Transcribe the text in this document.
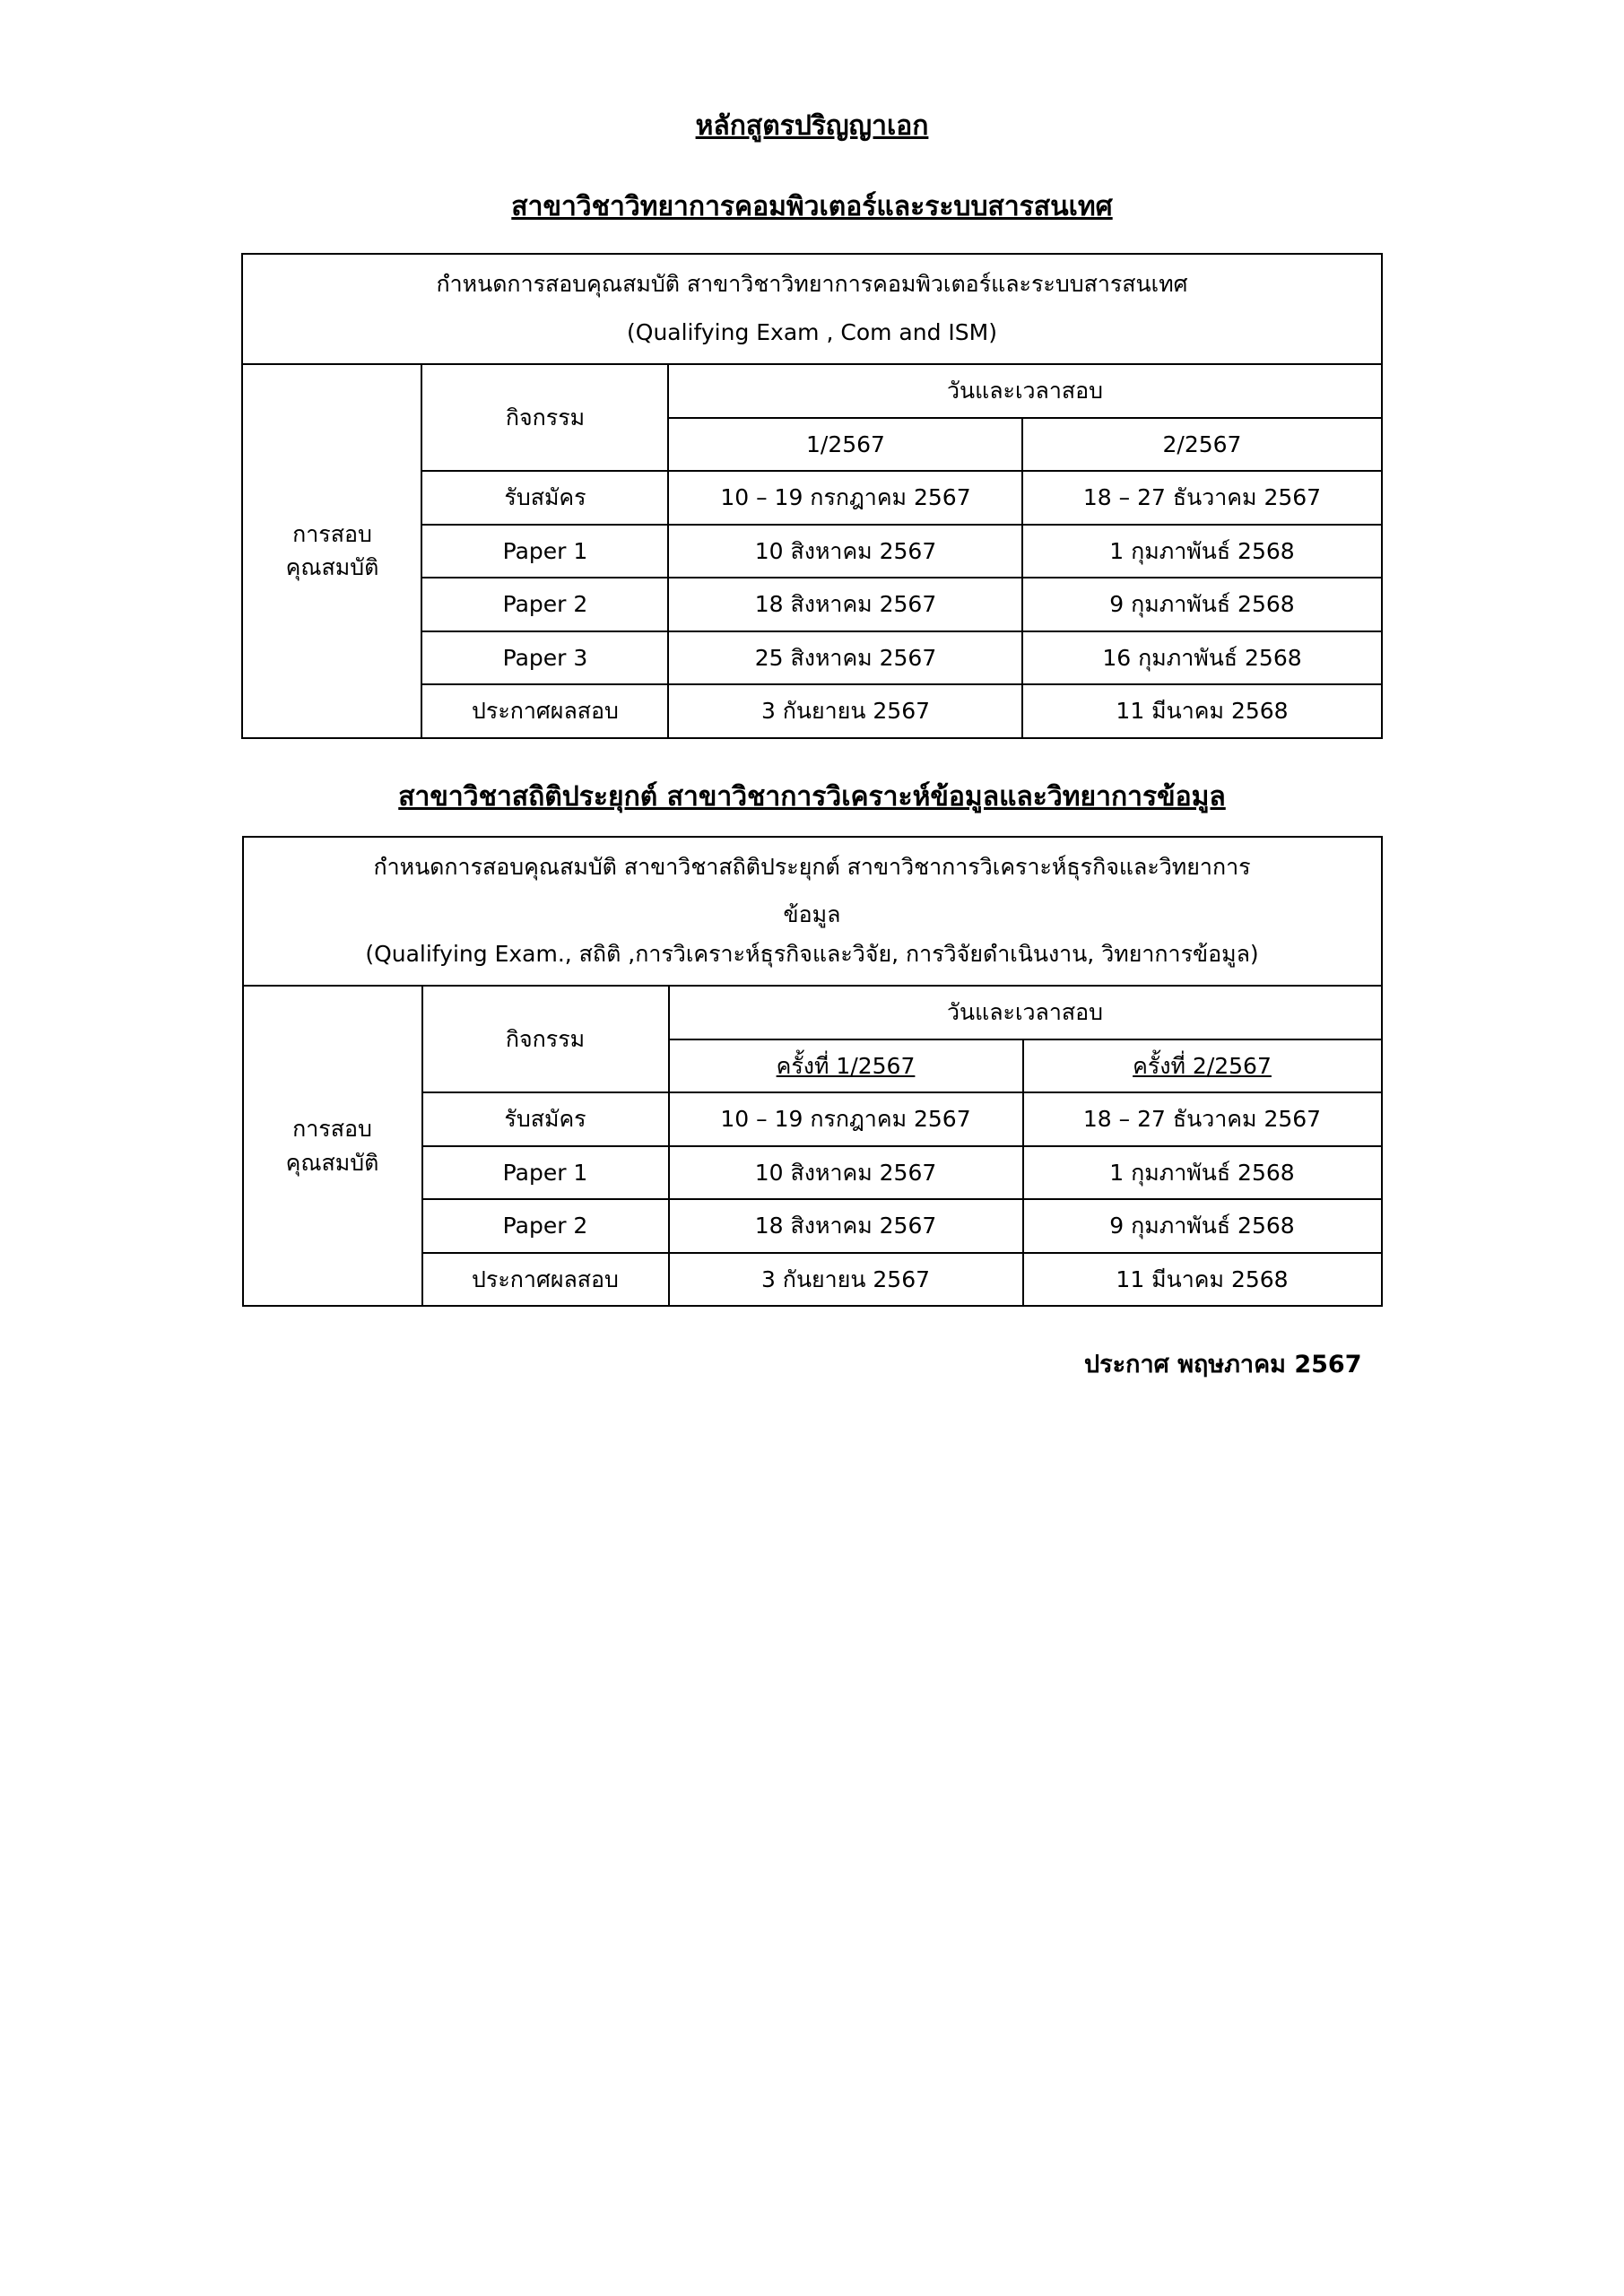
หลักสูตรปริญญาเอก
สาขาวิชาวิทยาการคอมพิวเตอร์และระบบสารสนเทศ
กำหนดการสอบคุณสมบัติ สาขาวิชาวิทยาการคอมพิวเตอร์และระบบสารสนเทศ			
(Qualifying Exam , Com and ISM)			

การสอบ
คุณสมบัติ	กิจกรรม	วันและเวลาสอบ	
		1/2567	2/2567
	รับสมัคร	10 – 19 กรกฎาคม 2567	18 – 27 ธันวาคม 2567
	Paper 1	10 สิงหาคม 2567	1 กุมภาพันธ์ 2568
	Paper 2	18 สิงหาคม 2567	9 กุมภาพันธ์ 2568
	Paper 3	25 สิงหาคม 2567	16 กุมภาพันธ์ 2568
	ประกาศผลสอบ	3 กันยายน 2567	11 มีนาคม 2568
สาขาวิชาสถิติประยุกต์ สาขาวิชาการวิเคราะห์ข้อมูลและวิทยาการข้อมูล
กำหนดการสอบคุณสมบัติ สาขาวิชาสถิติประยุกต์ สาขาวิชาการวิเคราะห์ธุรกิจและวิทยาการ			
ข้อมูล			
(Qualifying Exam., สถิติ ,การวิเคราะห์ธุรกิจและวิจัย, การวิจัยดำเนินงาน, วิทยาการข้อมูล)			

การสอบ
คุณสมบัติ	กิจกรรม	วันและเวลาสอบ	
		ครั้งที่ 1/2567	ครั้งที่ 2/2567
	รับสมัคร	10 – 19 กรกฎาคม 2567	18 – 27 ธันวาคม 2567
	Paper 1	10 สิงหาคม 2567	1 กุมภาพันธ์ 2568
	Paper 2	18 สิงหาคม 2567	9 กุมภาพันธ์ 2568
	ประกาศผลสอบ	3 กันยายน 2567	11 มีนาคม 2568
ประกาศ พฤษภาคม 2567
